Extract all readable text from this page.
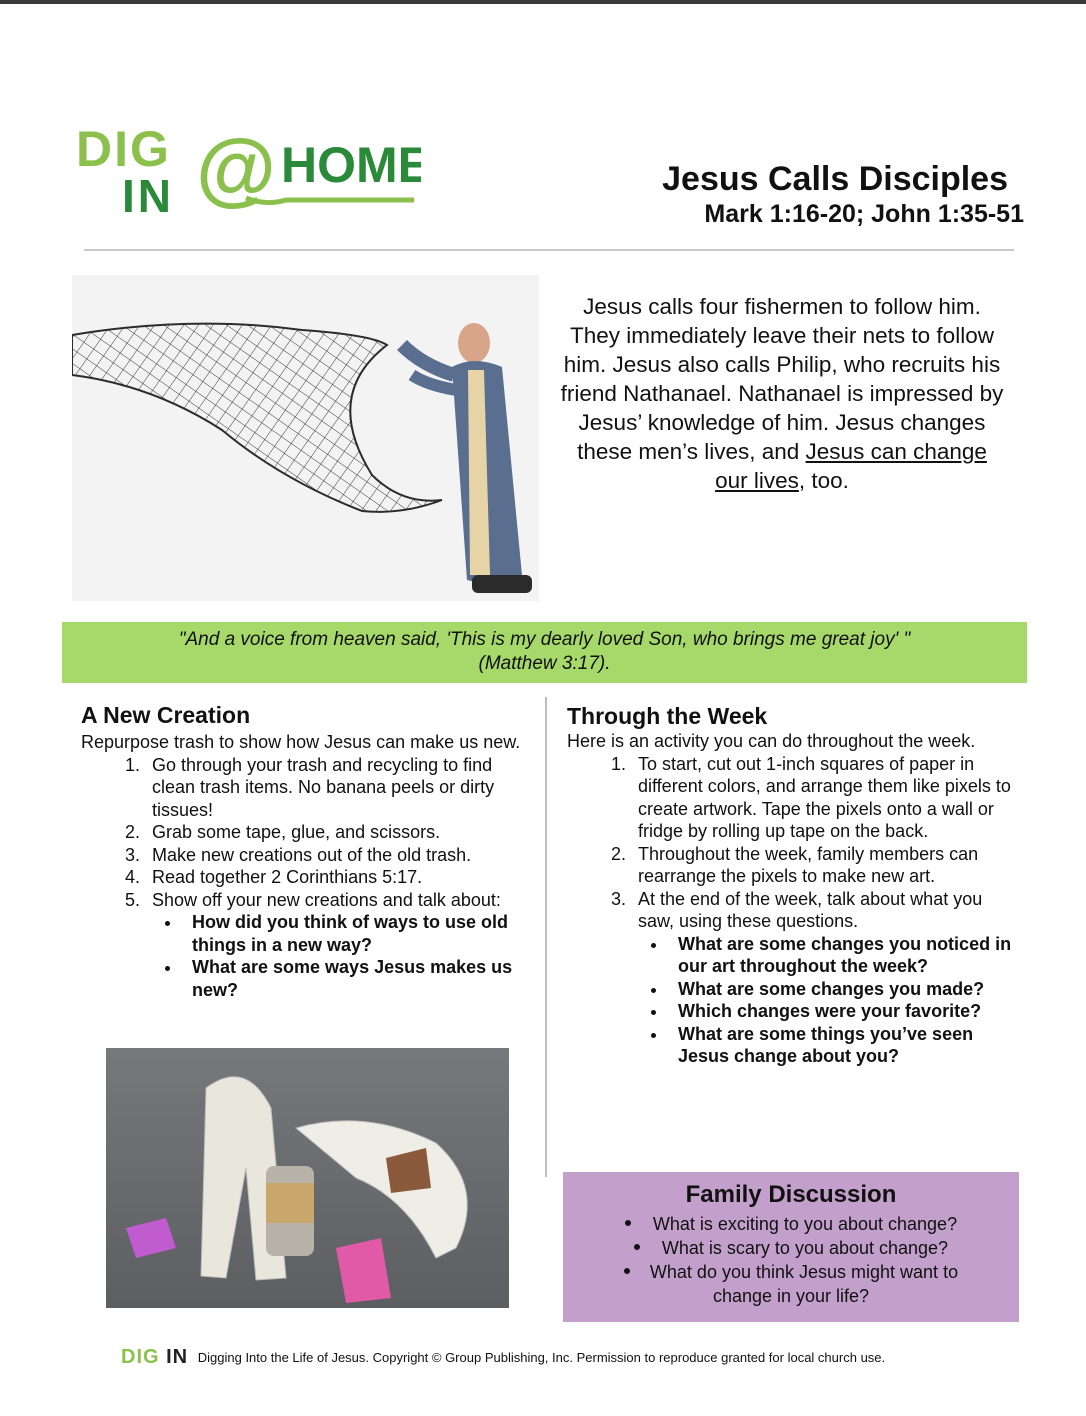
DIG
IN @ HOME	Jesus Calls Disciples
Mark 1:16-20; John 1:35-51
Jesus calls four fishermen to follow him. They immediately leave their nets to follow him. Jesus also calls Philip, who recruits his friend Nathanael. Nathanael is impressed by Jesus’ knowledge of him. Jesus changes these men’s lives, and Jesus can change our lives, too.
"And a voice from heaven said, 'This is my dearly loved Son, who brings me great joy' "
(Matthew 3:17).
A New Creation
Repurpose trash to show how Jesus can make us new.
1. Go through your trash and recycling to find clean trash items. No banana peels or dirty tissues!
2. Grab some tape, glue, and scissors.
3. Make new creations out of the old trash.
4. Read together 2 Corinthians 5:17.
5. Show off your new creations and talk about:
• How did you think of ways to use old things in a new way?
• What are some ways Jesus makes us new?
Through the Week
Here is an activity you can do throughout the week.
1. To start, cut out 1-inch squares of paper in different colors, and arrange them like pixels to create artwork. Tape the pixels onto a wall or fridge by rolling up tape on the back.
2. Throughout the week, family members can rearrange the pixels to make new art.
3. At the end of the week, talk about what you saw, using these questions.
• What are some changes you noticed in our art throughout the week?
• What are some changes you made?
• Which changes were your favorite?
• What are some things you’ve seen Jesus change about you?
Family Discussion
What is exciting to you about change?
What is scary to you about change?
What do you think Jesus might want to change in your life?
DIG IN Digging Into the Life of Jesus. Copyright © Group Publishing, Inc. Permission to reproduce granted for local church use.
